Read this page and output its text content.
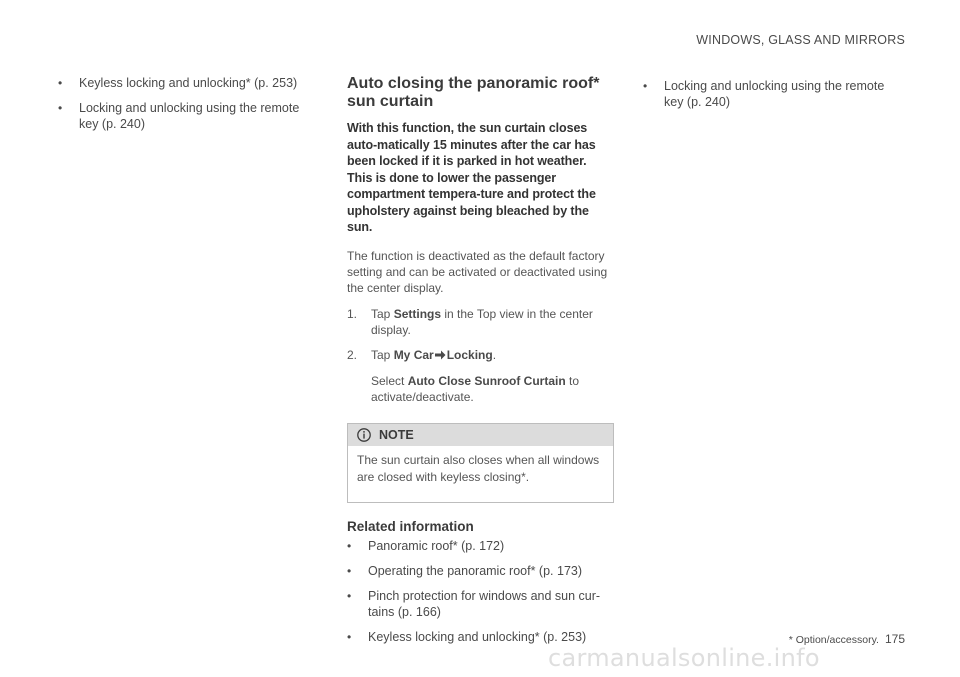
WINDOWS, GLASS AND MIRRORS
• Keyless locking and unlocking* (p. 253)
• Locking and unlocking using the remote key (p. 240)
Auto closing the panoramic roof* sun curtain

With this function, the sun curtain closes auto-matically 15 minutes after the car has been locked if it is parked in hot weather. This is done to lower the passenger compartment tempera-ture and protect the upholstery against being bleached by the sun.

The function is deactivated as the default factory setting and can be activated or deactivated using the center display.

1. Tap Settings in the Top view in the center display.
2. Tap My Car Locking.
Select Auto Close Sunroof Curtain to activate/deactivate.
NOTE
The sun curtain also closes when all windows are closed with keyless closing*.
Related information
• Panoramic roof* (p. 172)
• Operating the panoramic roof* (p. 173)
• Pinch protection for windows and sun cur-tains (p. 166)
• Keyless locking and unlocking* (p. 253)
• Locking and unlocking using the remote key (p. 240)
* Option/accessory. 175
carmanualsonline.info
